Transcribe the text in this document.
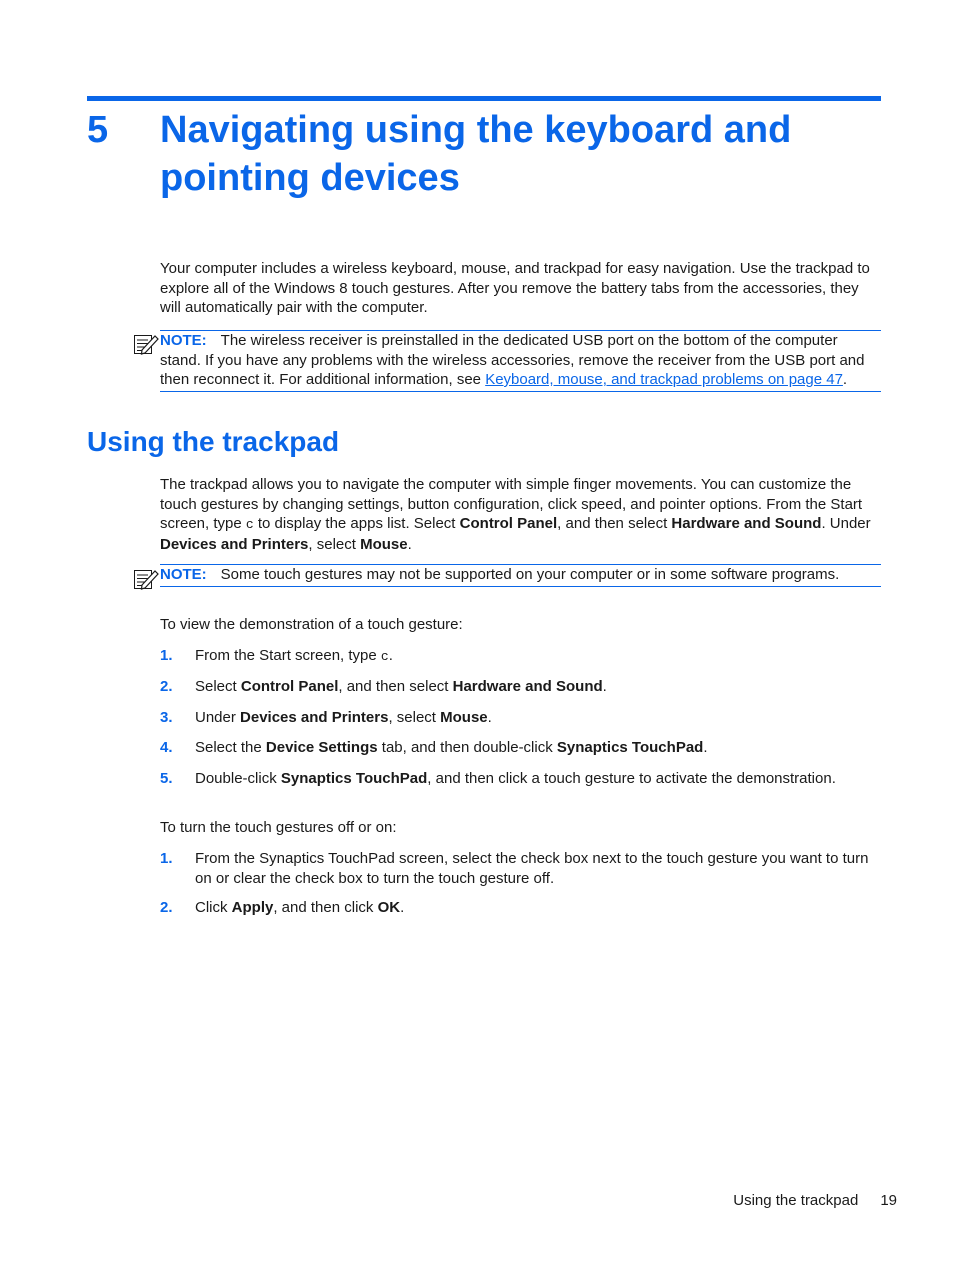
5 Navigating using the keyboard and pointing devices

Your computer includes a wireless keyboard, mouse, and trackpad for easy navigation. Use the trackpad to explore all of the Windows 8 touch gestures. After you remove the battery tabs from the accessories, they will automatically pair with the computer.

NOTE: The wireless receiver is preinstalled in the dedicated USB port on the bottom of the computer stand. If you have any problems with the wireless accessories, remove the receiver from the USB port and then reconnect it. For additional information, see Keyboard, mouse, and trackpad problems on page 47.
Using the trackpad

The trackpad allows you to navigate the computer with simple finger movements. You can customize the touch gestures by changing settings, button configuration, click speed, and pointer options. From the Start screen, type c to display the apps list. Select Control Panel, and then select Hardware and Sound. Under Devices and Printers, select Mouse.

NOTE: Some touch gestures may not be supported on your computer or in some software programs.

To view the demonstration of a touch gesture:

1. From the Start screen, type c.
2. Select Control Panel, and then select Hardware and Sound.
3. Under Devices and Printers, select Mouse.
4. Select the Device Settings tab, and then double-click Synaptics TouchPad.
5. Double-click Synaptics TouchPad, and then click a touch gesture to activate the demonstration.

To turn the touch gestures off or on:

1. From the Synaptics TouchPad screen, select the check box next to the touch gesture you want to turn on or clear the check box to turn the touch gesture off.
2. Click Apply, and then click OK.
Using the trackpad 19
